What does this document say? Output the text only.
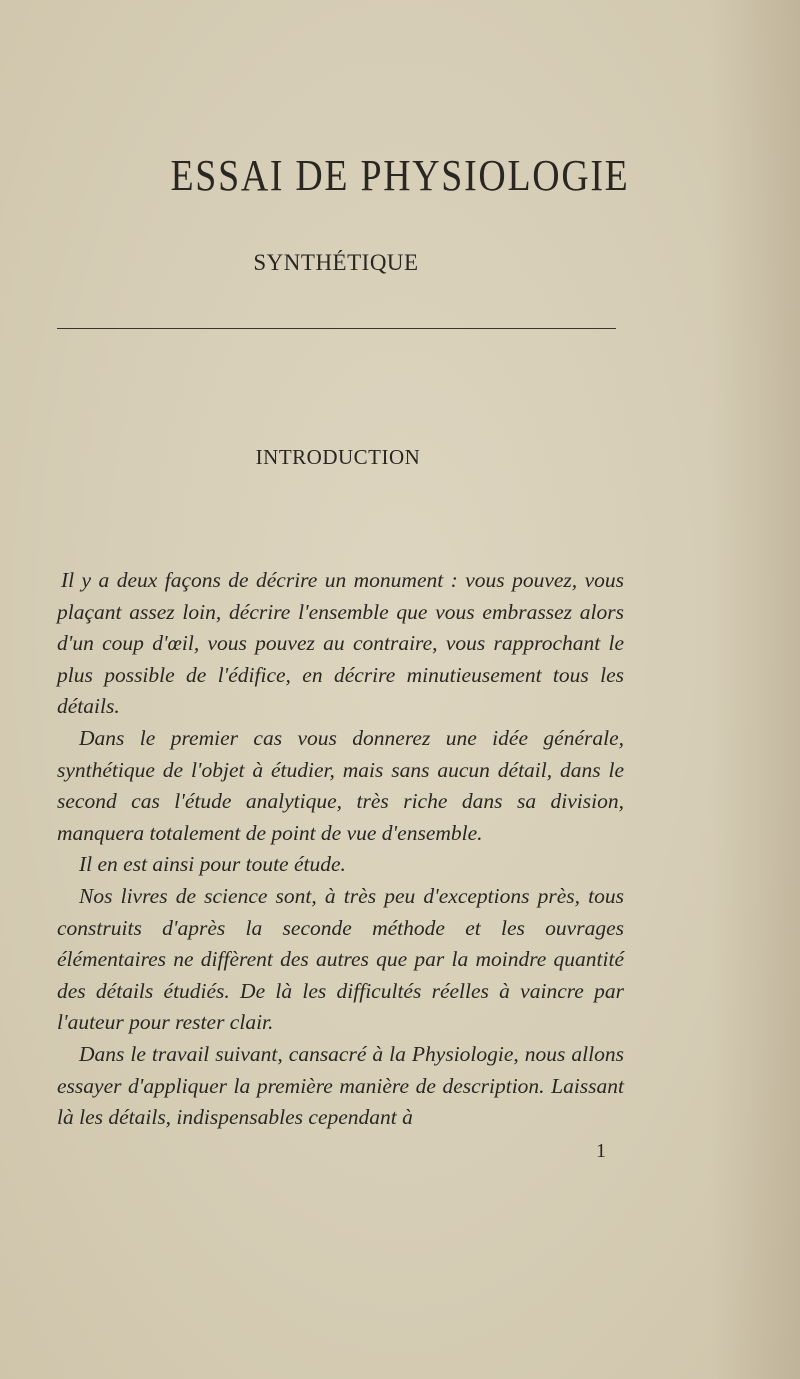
ESSAI DE PHYSIOLOGIE
SYNTHÉTIQUE
INTRODUCTION

Il y a deux façons de décrire un monument : vous pouvez, vous plaçant assez loin, décrire l'ensemble que vous embrassez alors d'un coup d'œil, vous pouvez au contraire, vous rapprochant le plus possible de l'édifice, en décrire minutieusement tous les détails.

Dans le premier cas vous donnerez une idée générale, synthétique de l'objet à étudier, mais sans aucun détail, dans le second cas l'étude analytique, très riche dans sa division, manquera totalement de point de vue d'ensemble.

Il en est ainsi pour toute étude.

Nos livres de science sont, à très peu d'exceptions près, tous construits d'après la seconde méthode et les ouvrages élémentaires ne diffèrent des autres que par la moindre quantité des détails étudiés. De là les difficultés réelles à vaincre par l'auteur pour rester clair.

Dans le travail suivant, cansacré à la Physiologie, nous allons essayer d'appliquer la première manière de description. Laissant là les détails, indispensables cependant à

1
